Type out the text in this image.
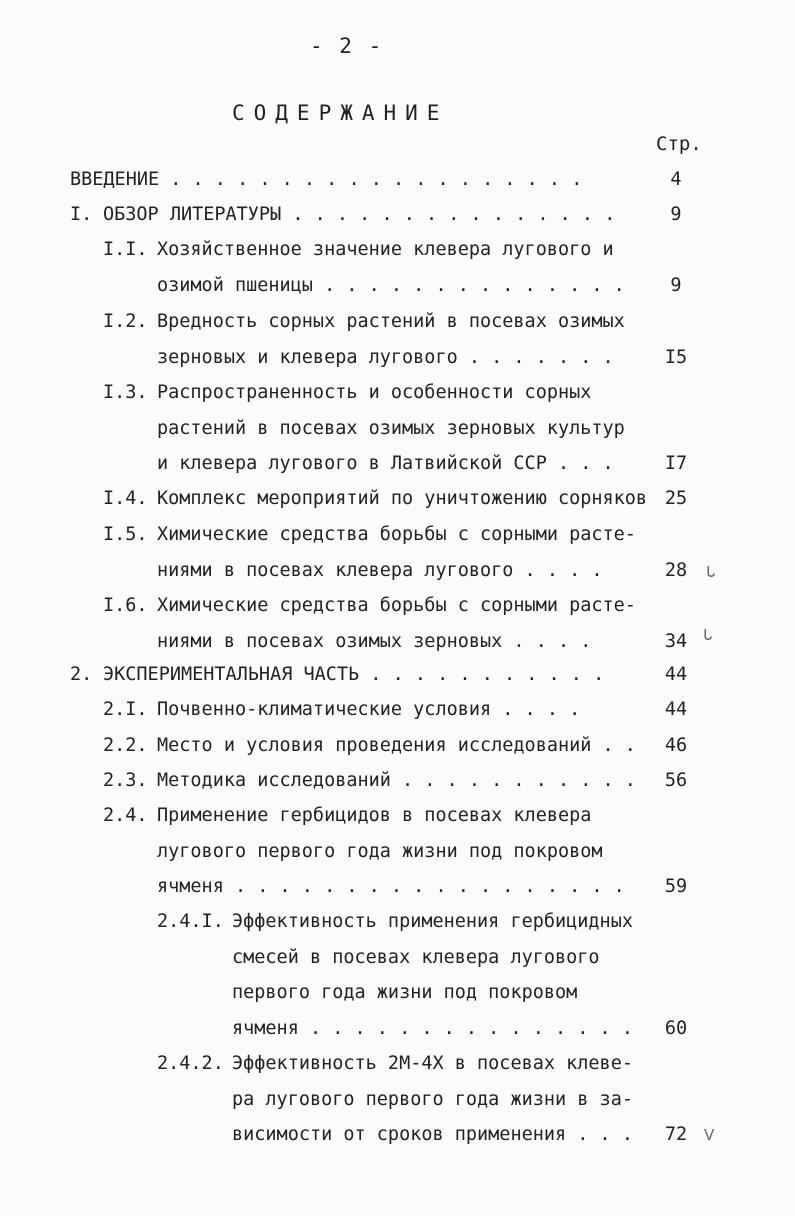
- 2 -
СОДЕРЖАНИЕ
Стр.
ВВЕДЕНИЕ . . . . . . . . . . . . . . . . . . .	4
I. ОБЗОР ЛИТЕРАТУРЫ . . . . . . . . . . . . . . .	9
I.I. Хозяйственное значение клевера лугового и
озимой пшеницы . . . . . . . . . . . . . .	9
I.2. Вредность сорных растений в посевах озимых
зерновых и клевера лугового . . . . . . .	I5
I.3. Распространенность и особенности сорных
растений в посевах озимых зерновых культур
и клевера лугового в Латвийской ССР . . .	I7
I.4. Комплекс мероприятий по уничтожению сорняков 25
I.5. Химические средства борьбы с сорными расте-
ниями в посевах клевера лугового . . . .	28
I.6. Химические средства борьбы с сорными расте-
ниями в посевах озимых зерновых . . . .	34
2. ЭКСПЕРИМЕНТАЛЬНАЯ ЧАСТЬ . . . . . . . . . . .	44
2.I. Почвенно-климатические условия . . . .	44
2.2. Место и условия проведения исследований . .	46
2.3. Методика исследований . . . . . . . . . . .	56
2.4. Применение гербицидов в посевах клевера
лугового первого года жизни под покровом
ячменя . . . . . . . . . . . . . . . . . .	59
2.4.I. Эффективность применения гербицидных
смесей в посевах клевера лугового
первого года жизни под покровом
ячменя . . . . . . . . . . . . . . .	60
2.4.2. Эффективность 2М-4Х в посевах клеве-
ра лугового первого года жизни в за-
висимости от сроков применения . . .	72
ᒐ
ᒐ
ᐯ
